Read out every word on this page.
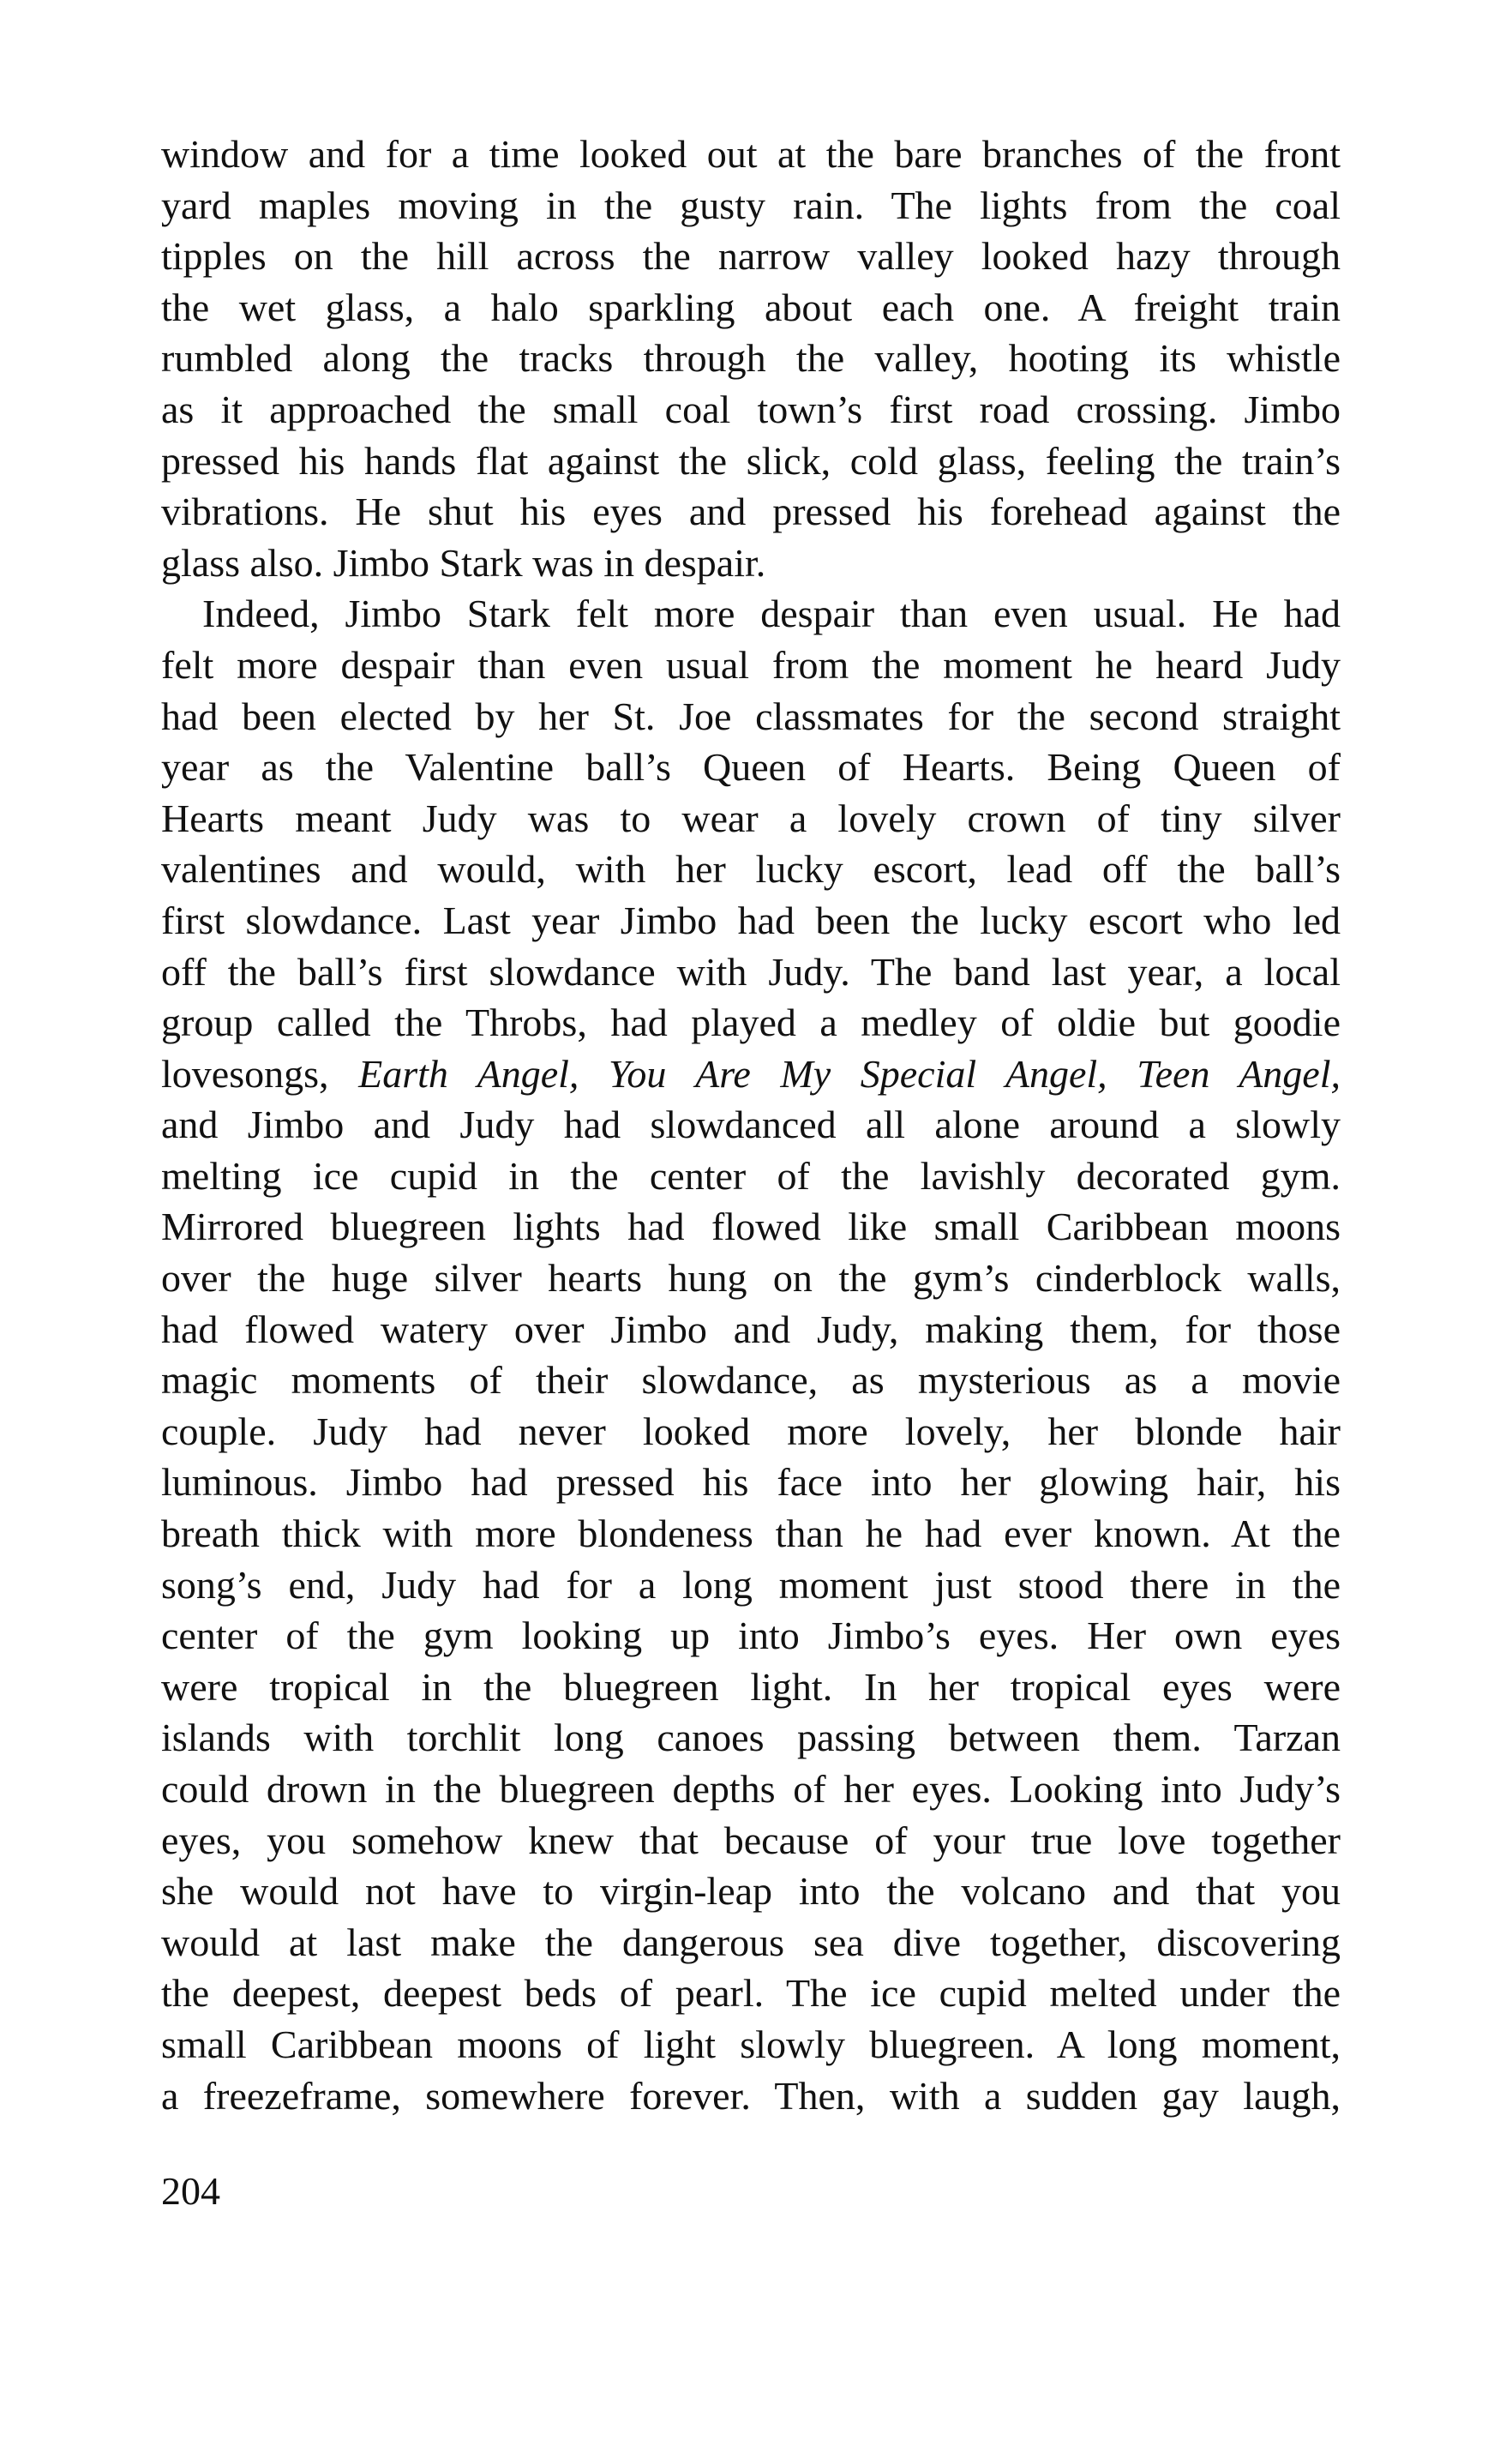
window and for a time looked out at the bare branches of the front
yard maples moving in the gusty rain. The lights from the coal
tipples on the hill across the narrow valley looked hazy through
the wet glass, a halo sparkling about each one. A freight train
rumbled along the tracks through the valley, hooting its whistle
as it approached the small coal town’s first road crossing. Jimbo
pressed his hands flat against the slick, cold glass, feeling the train’s
vibrations. He shut his eyes and pressed his forehead against the
glass also. Jimbo Stark was in despair.
Indeed, Jimbo Stark felt more despair than even usual. He had
felt more despair than even usual from the moment he heard Judy
had been elected by her St. Joe classmates for the second straight
year as the Valentine ball’s Queen of Hearts. Being Queen of
Hearts meant Judy was to wear a lovely crown of tiny silver
valentines and would, with her lucky escort, lead off the ball’s
first slowdance. Last year Jimbo had been the lucky escort who led
off the ball’s first slowdance with Judy. The band last year, a local
group called the Throbs, had played a medley of oldie but goodie
lovesongs, Earth Angel, You Are My Special Angel, Teen Angel,
and Jimbo and Judy had slowdanced all alone around a slowly
melting ice cupid in the center of the lavishly decorated gym.
Mirrored bluegreen lights had flowed like small Caribbean moons
over the huge silver hearts hung on the gym’s cinderblock walls,
had flowed watery over Jimbo and Judy, making them, for those
magic moments of their slowdance, as mysterious as a movie
couple. Judy had never looked more lovely, her blonde hair
luminous. Jimbo had pressed his face into her glowing hair, his
breath thick with more blondeness than he had ever known. At the
song’s end, Judy had for a long moment just stood there in the
center of the gym looking up into Jimbo’s eyes. Her own eyes
were tropical in the bluegreen light. In her tropical eyes were
islands with torchlit long canoes passing between them. Tarzan
could drown in the bluegreen depths of her eyes. Looking into Judy’s
eyes, you somehow knew that because of your true love together
she would not have to virgin-leap into the volcano and that you
would at last make the dangerous sea dive together, discovering
the deepest, deepest beds of pearl. The ice cupid melted under the
small Caribbean moons of light slowly bluegreen. A long moment,
a freezeframe, somewhere forever. Then, with a sudden gay laugh,
204
